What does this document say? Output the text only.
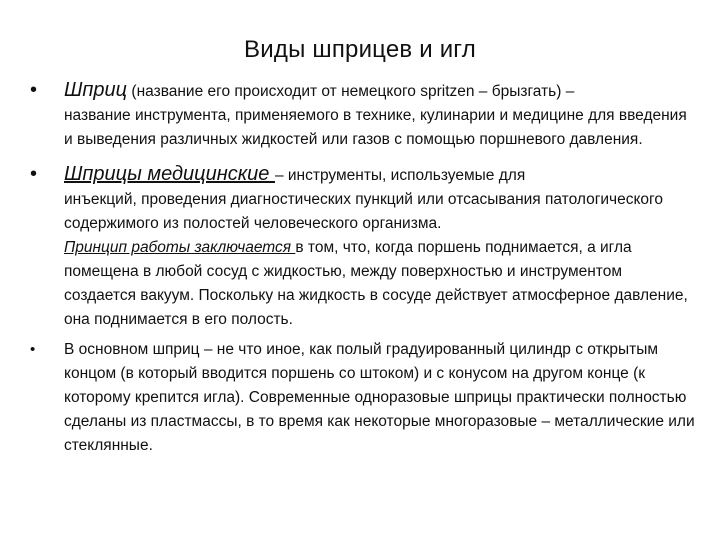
Виды шприцев и игл
• Шприц (название его происходит от немецкого spritzen – брызгать) –
название инструмента, применяемого в технике, кулинарии и медицине для введения и выведения различных жидкостей или газов с помощью поршневого давления.
• Шприцы медицинские – инструменты, используемые для
инъекций, проведения диагностических пункций или отсасывания патологического содержимого из полостей человеческого организма.
Принцип работы заключается в том, что, когда поршень поднимается, а игла помещена в любой сосуд с жидкостью, между поверхностью и инструментом создается вакуум. Поскольку на жидкость в сосуде действует атмосферное давление, она поднимается в его полость.
• В основном шприц – не что иное, как полый градуированный цилиндр с открытым концом (в который вводится поршень со штоком) и с конусом на другом конце (к которому крепится игла). Современные одноразовые шприцы практически полностью сделаны из пластмассы, в то время как некоторые многоразовые – металлические или стеклянные.
